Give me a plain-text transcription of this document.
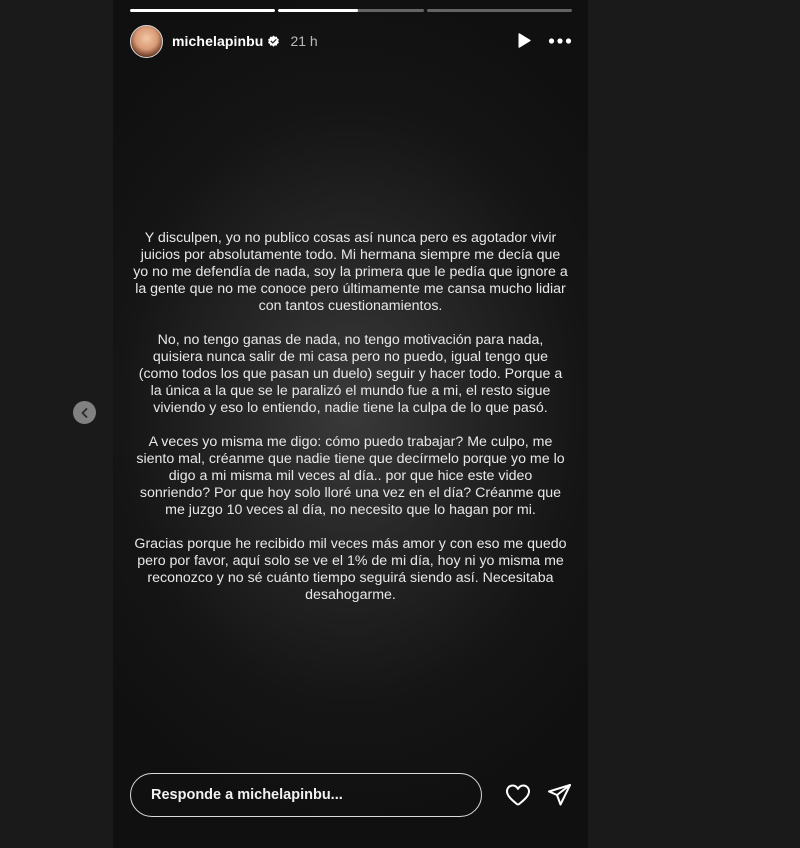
michelapinbu 21 h

Y disculpen, yo no publico cosas así nunca pero es agotador vivir juicios por absolutamente todo. Mi hermana siempre me decía que yo no me defendía de nada, soy la primera que le pedía que ignore a la gente que no me conoce pero últimamente me cansa mucho lidiar con tantos cuestionamientos.

No, no tengo ganas de nada, no tengo motivación para nada, quisiera nunca salir de mi casa pero no puedo, igual tengo que (como todos los que pasan un duelo) seguir y hacer todo. Porque a la única a la que se le paralizó el mundo fue a mi, el resto sigue viviendo y eso lo entiendo, nadie tiene la culpa de lo que pasó.

A veces yo misma me digo: cómo puedo trabajar? Me culpo, me siento mal, créanme que nadie tiene que decírmelo porque yo me lo digo a mi misma mil veces al día.. por que hice este video sonriendo? Por que hoy solo lloré una vez en el día? Créanme que me juzgo 10 veces al día, no necesito que lo hagan por mi.

Gracias porque he recibido mil veces más amor y con eso me quedo pero por favor, aquí solo se ve el 1% de mi día, hoy ni yo misma me reconozco y no sé cuánto tiempo seguirá siendo así. Necesitaba desahogarme.

Responde a michelapinbu...
